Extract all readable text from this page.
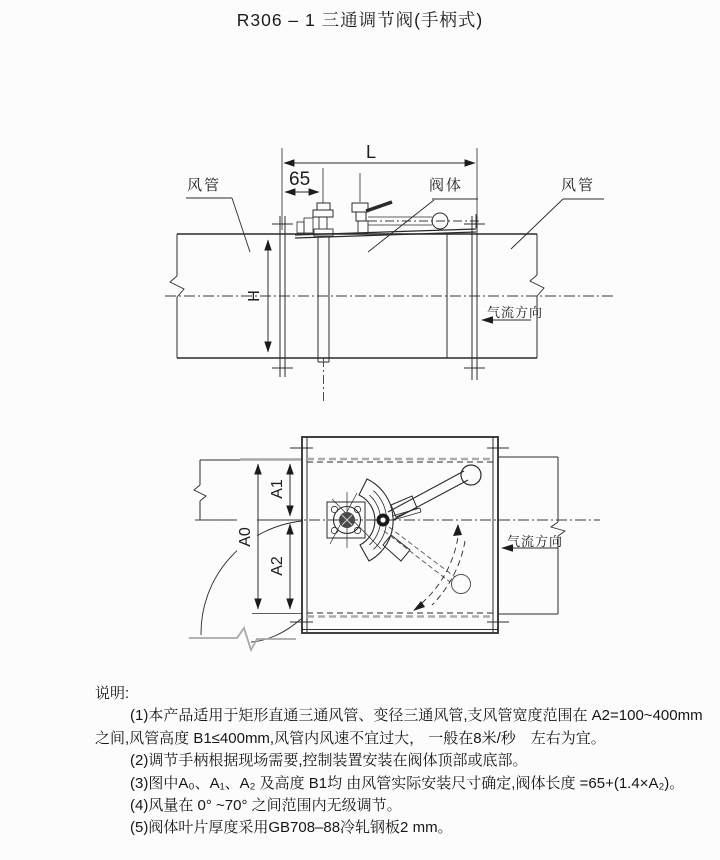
R306 – 1 三通调节阀(手柄式)
风管	阀体	风管
L
65
H
气流方向
A1
A2
A0	气流方向

说明:

(1)本产品适用于矩形直通三通风管、变径三通风管,支风管宽度范围在 A2=100~400mm

之间,风管高度 B1≤400mm,风管内风速不宜过大， 一般在8米/秒　左右为宜。

(2)调节手柄根据现场需要,控制装置安装在阀体顶部或底部。

(3)图中A₀、A₁、A₂ 及高度 B1均 由风管实际安装尺寸确定,阀体长度 =65+(1.4×A₂)。

(4)风量在 0° ~70° 之间范围内无级调节。

(5)阀体叶片厚度采用GB708–88冷轧钢板2 mm。
